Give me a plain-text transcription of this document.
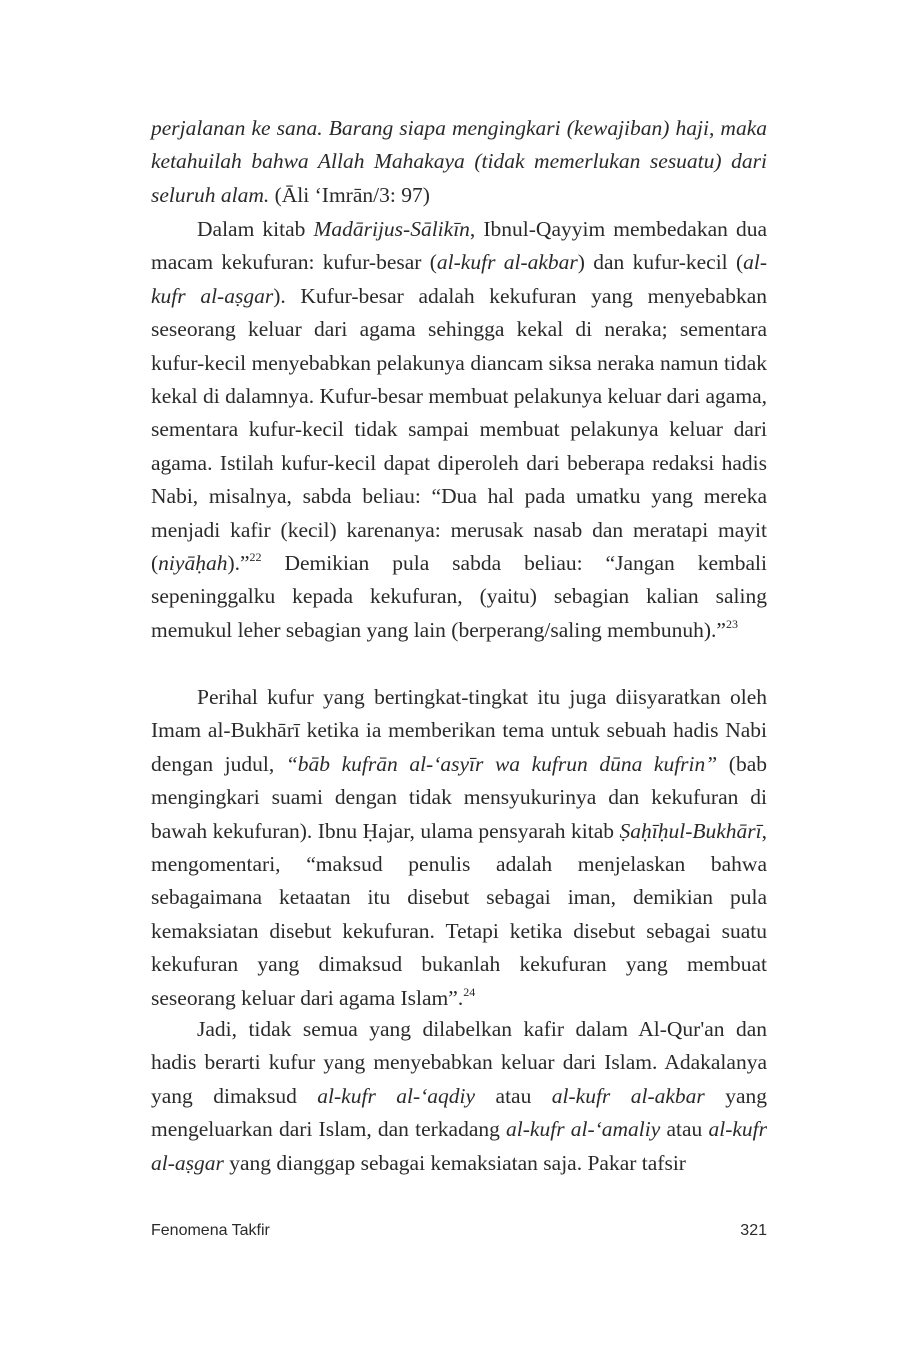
perjalanan ke sana. Barang siapa mengingkari (kewajiban) haji, maka ketahuilah bahwa Allah Mahakaya (tidak memerlukan sesuatu) dari seluruh alam. (Āli ‘Imrān/3: 97)

Dalam kitab Madārijus-Sālikīn, Ibnul-Qayyim membedakan dua macam kekufuran: kufur-besar (al-kufr al-akbar) dan kufur-kecil (al-kufr al-aṣgar). Kufur-besar adalah kekufuran yang menyebabkan seseorang keluar dari agama sehingga kekal di neraka; sementara kufur-kecil menyebabkan pelakunya diancam siksa neraka namun tidak kekal di dalamnya. Kufur-besar membuat pelakunya keluar dari agama, sementara kufur-kecil tidak sampai membuat pelakunya keluar dari agama. Istilah kufur-kecil dapat diperoleh dari beberapa redaksi hadis Nabi, misalnya, sabda beliau: “Dua hal pada umatku yang mereka menjadi kafir (kecil) karenanya: merusak nasab dan meratapi mayit (niyāḥah).”$^{22}$ Demikian pula sabda beliau: “Jangan kembali sepeninggalku kepada kekufuran, (yaitu) sebagian kalian saling memukul leher sebagian yang lain (berperang/saling membunuh).”$^{23}$

Perihal kufur yang bertingkat-tingkat itu juga diisyaratkan oleh Imam al-Bukhārī ketika ia memberikan tema untuk sebuah hadis Nabi dengan judul, “bāb kufrān al-‘asyīr wa kufrun dūna kufrin” (bab mengingkari suami dengan tidak mensyukurinya dan kekufuran di bawah kekufuran). Ibnu Ḥajar, ulama pensyarah kitab Ṣaḥīḥul-Bukhārī, mengomentari, “maksud penulis adalah menjelaskan bahwa sebagaimana ketaatan itu disebut sebagai iman, demikian pula kemaksiatan disebut kekufuran. Tetapi ketika disebut sebagai suatu kekufuran yang dimaksud bukanlah kekufuran yang membuat seseorang keluar dari agama Islam”.$^{24}$

Jadi, tidak semua yang dilabelkan kafir dalam Al-Qur'an dan hadis berarti kufur yang menyebabkan keluar dari Islam. Adakalanya yang dimaksud al-kufr al-‘aqdiy atau al-kufr al-akbar yang mengeluarkan dari Islam, dan terkadang al-kufr al-‘amaliy atau al-kufr al-aṣgar yang dianggap sebagai kemaksiatan saja. Pakar tafsir

Fenomena Takfir	321
